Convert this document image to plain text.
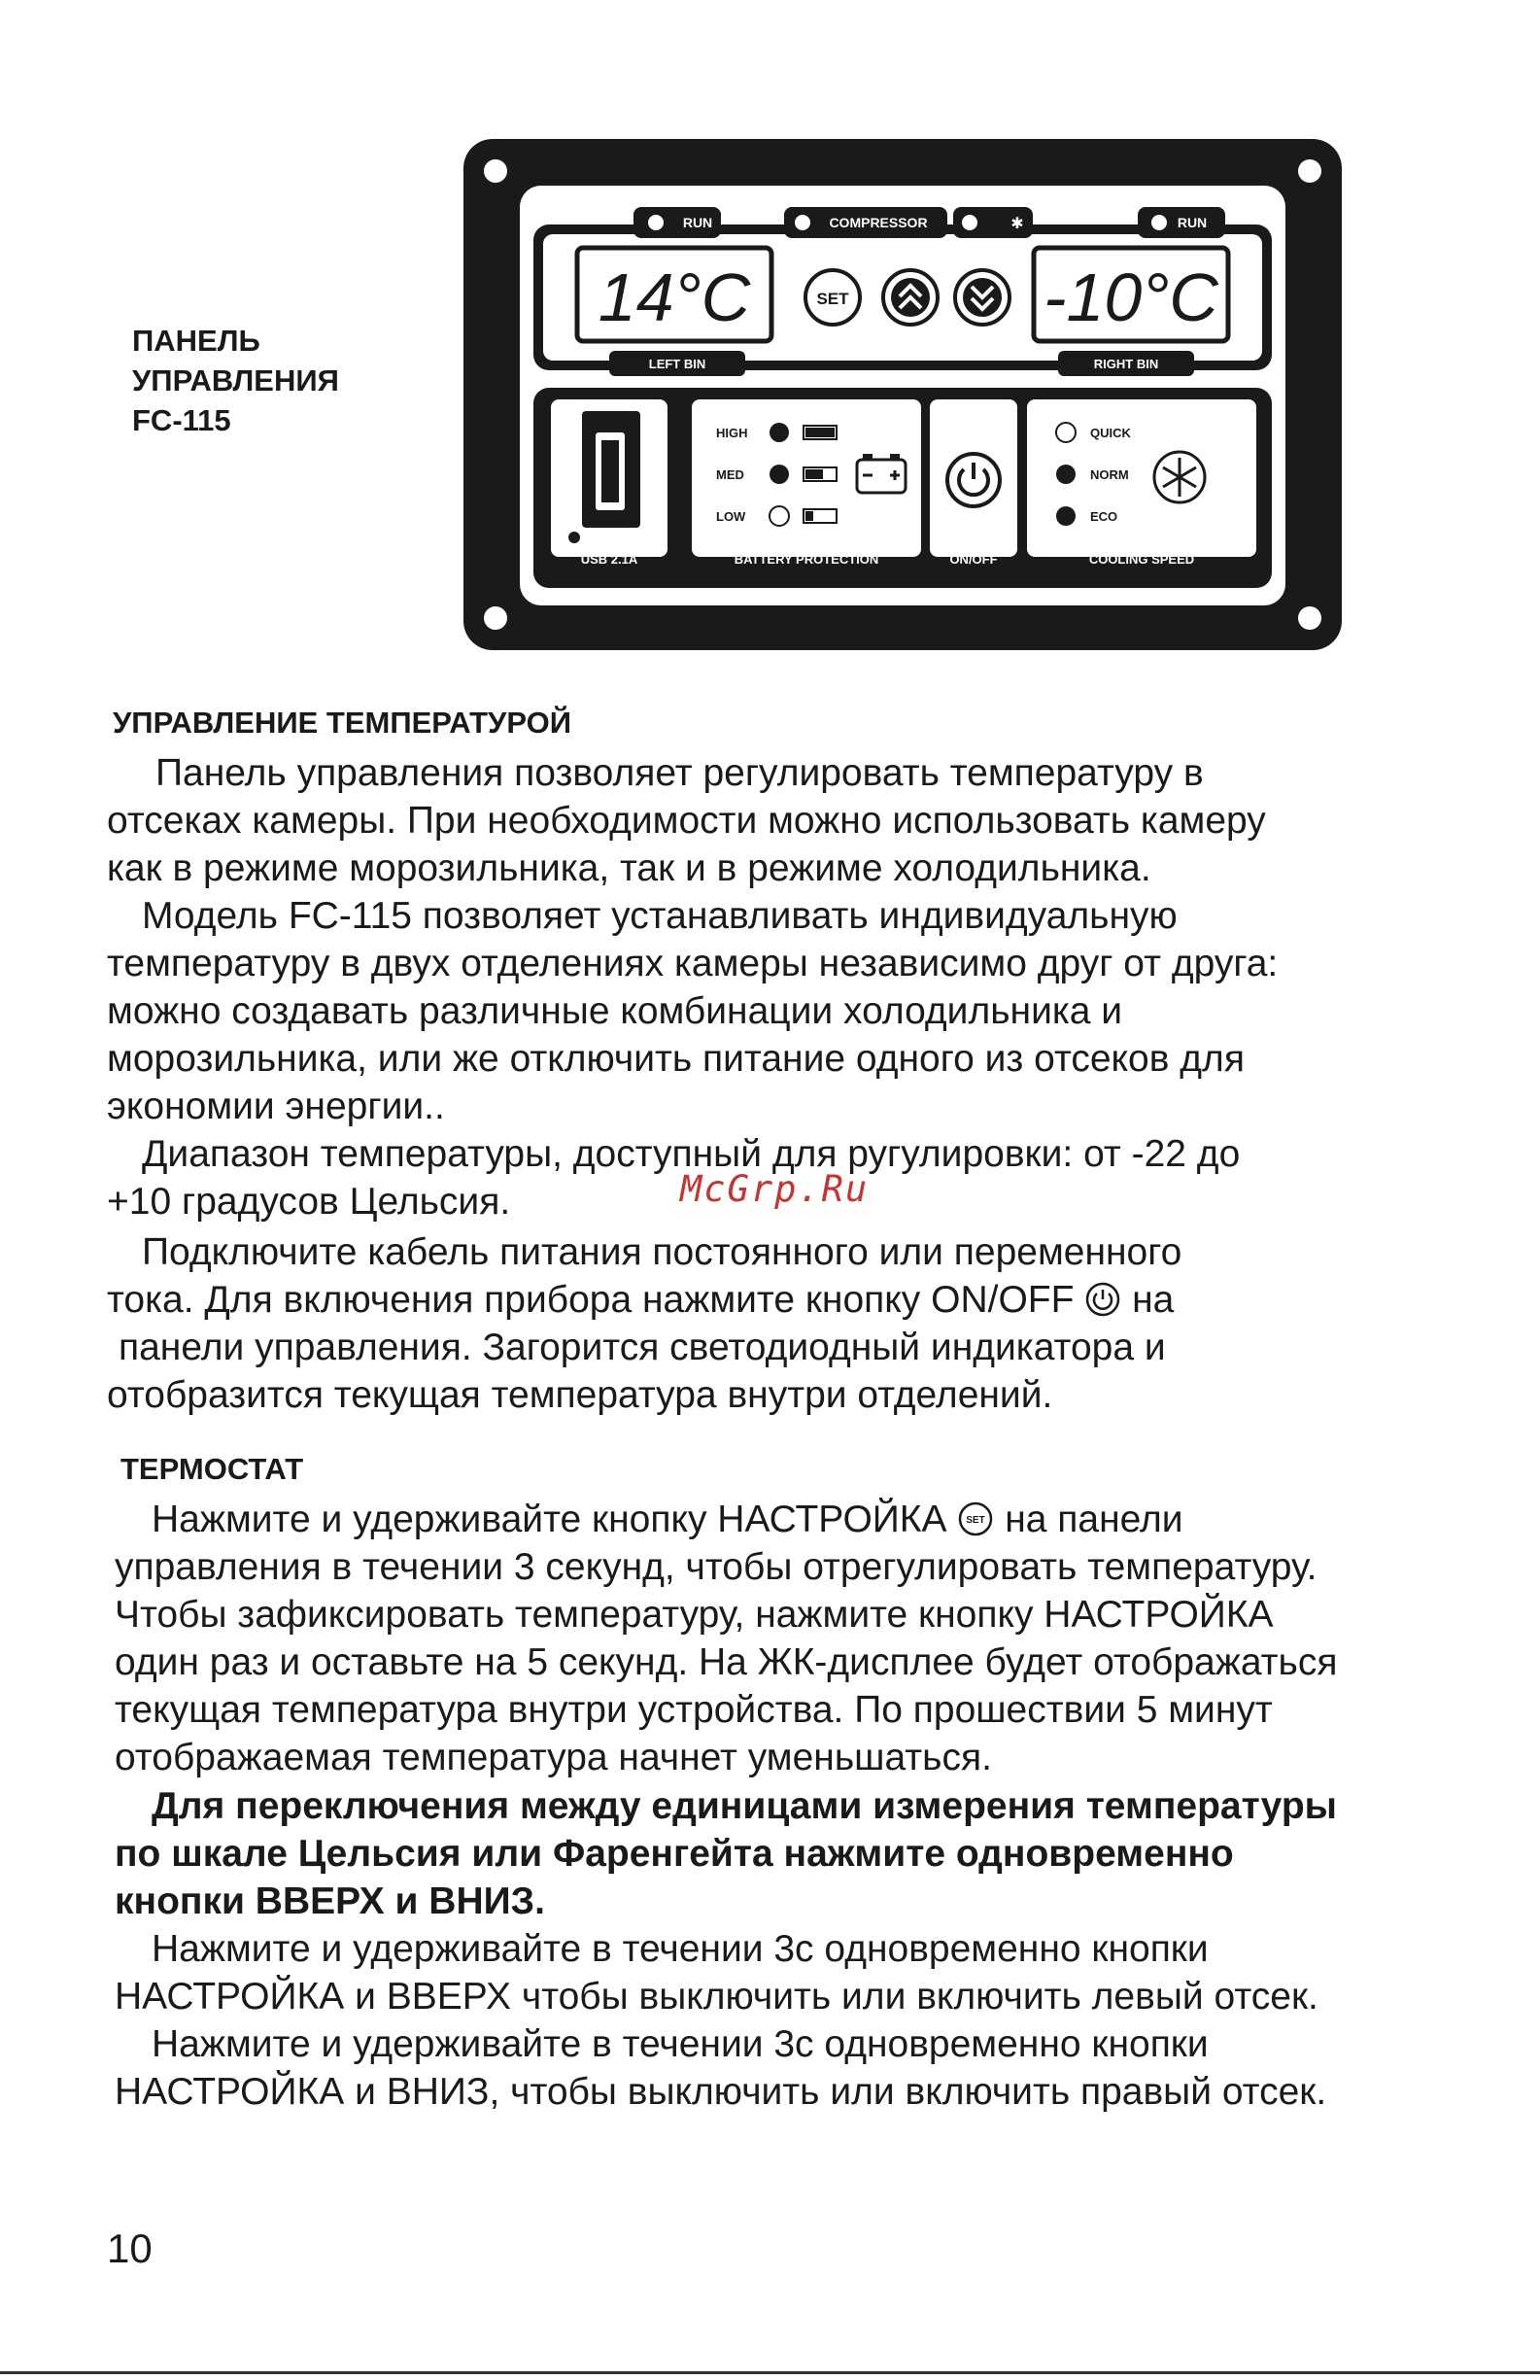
ПАНЕЛЬ
УПРАВЛЕНИЯ
FC-115
RUN	COMPRESSOR	✱	RUN
14°C	-10°C
SET
LEFT BIN	RIGHT BIN
USB 2.1A
HIGH
MED
LOW
BATTERY PROTECTION	ON/OFF
QUICK
NORM
ECO
COOLING SPEED
УПРАВЛЕНИЕ ТЕМПЕРАТУРОЙ
Панель управления позволяет регулировать температуру в
отсеках камеры. При необходимости можно использовать камеру
как в режиме морозильника, так и в режиме холодильника.
Модель FC-115 позволяет устанавливать индивидуальную
температуру в двух отделениях камеры независимо друг от друга:
можно создавать различные комбинации холодильника и
морозильника, или же отключить питание одного из отсеков для
экономии энергии..
Диапазон температуры, доступный для ругулировки: от -22 до
+10 градусов Цельсия.	McGrp.Ru
Подключите кабель питания постоянного или переменного
тока. Для включения прибора нажмите кнопку ON/OFF на
панели управления. Загорится светодиодный индикатора и
отобразится текущая температура внутри отделений.
ТЕРМОСТАТ
Нажмите и удерживайте кнопку НАСТРОЙКА SET на панели
управления в течении 3 секунд, чтобы отрегулировать температуру.
Чтобы зафиксировать температуру, нажмите кнопку НАСТРОЙКА
один раз и оставьте на 5 секунд. На ЖК-дисплее будет отображаться
текущая температура внутри устройства. По прошествии 5 минут
отображаемая температура начнет уменьшаться.
Для переключения между единицами измерения температуры
по шкале Цельсия или Фаренгейта нажмите одновременно
кнопки ВВЕРХ и ВНИЗ.
Нажмите и удерживайте в течении 3с одновременно кнопки
НАСТРОЙКА и ВВЕРХ чтобы выключить или включить левый отсек.
Нажмите и удерживайте в течении 3с одновременно кнопки
НАСТРОЙКА и ВНИЗ, чтобы выключить или включить правый отсек.
10
